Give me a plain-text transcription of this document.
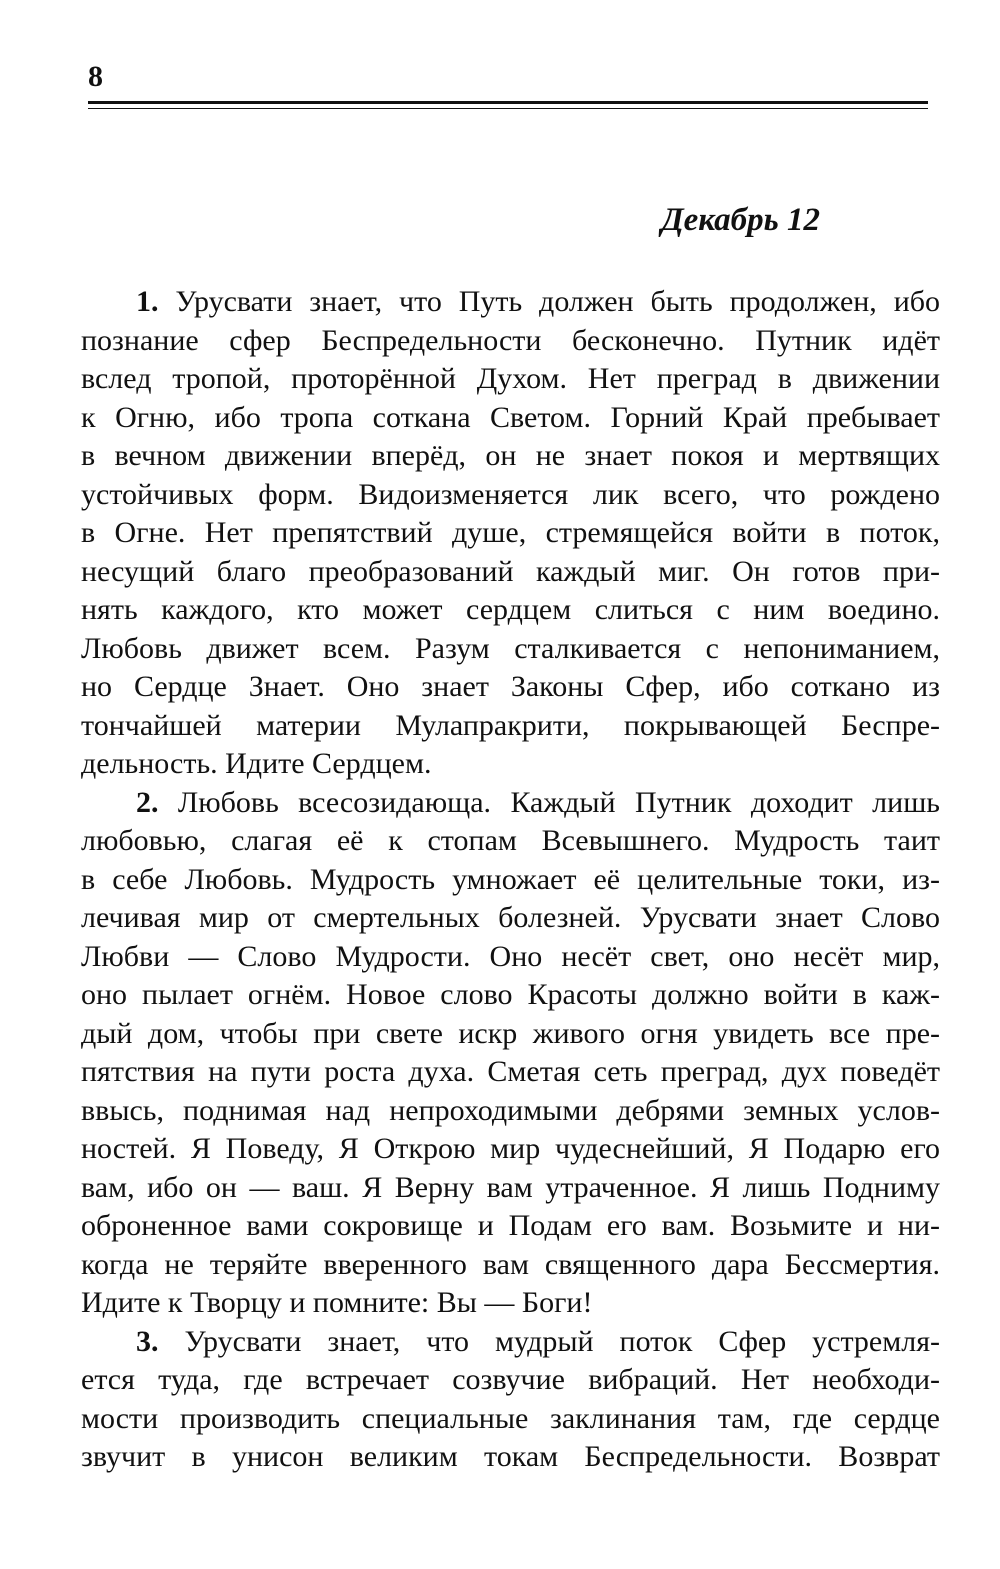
8
Декабрь 12
1. Урусвати знает, что Путь должен быть продолжен, ибо
познание сфер Беспредельности бесконечно. Путник идёт
вслед тропой, проторённой Духом. Нет преград в движении
к Огню, ибо тропа соткана Светом. Горний Край пребывает
в вечном движении вперёд, он не знает покоя и мертвящих
устойчивых форм. Видоизменяется лик всего, что рождено
в Огне. Нет препятствий душе, стремящейся войти в поток,
несущий благо преобразований каждый миг. Он готов при-
нять каждого, кто может сердцем слиться с ним воедино.
Любовь движет всем. Разум сталкивается с непониманием,
но Сердце Знает. Оно знает Законы Сфер, ибо соткано из
тончайшей материи Мулапракрити, покрывающей Беспре-
дельность. Идите Сердцем.
2. Любовь всесозидающа. Каждый Путник доходит лишь
любовью, слагая её к стопам Всевышнего. Мудрость таит
в себе Любовь. Мудрость умножает её целительные токи, из-
лечивая мир от смертельных болезней. Урусвати знает Слово
Любви — Слово Мудрости. Оно несёт свет, оно несёт мир,
оно пылает огнём. Новое слово Красоты должно войти в каж-
дый дом, чтобы при свете искр живого огня увидеть все пре-
пятствия на пути роста духа. Сметая сеть преград, дух поведёт
ввысь, поднимая над непроходимыми дебрями земных услов-
ностей. Я Поведу, Я Открою мир чудеснейший, Я Подарю его
вам, ибо он — ваш. Я Верну вам утраченное. Я лишь Подниму
оброненное вами сокровище и Подам его вам. Возьмите и ни-
когда не теряйте вверенного вам священного дара Бессмертия.
Идите к Творцу и помните: Вы — Боги!
3. Урусвати знает, что мудрый поток Сфер устремля-
ется туда, где встречает созвучие вибраций. Нет необходи-
мости производить специальные заклинания там, где сердце
звучит в унисон великим токам Беспредельности. Возврат
